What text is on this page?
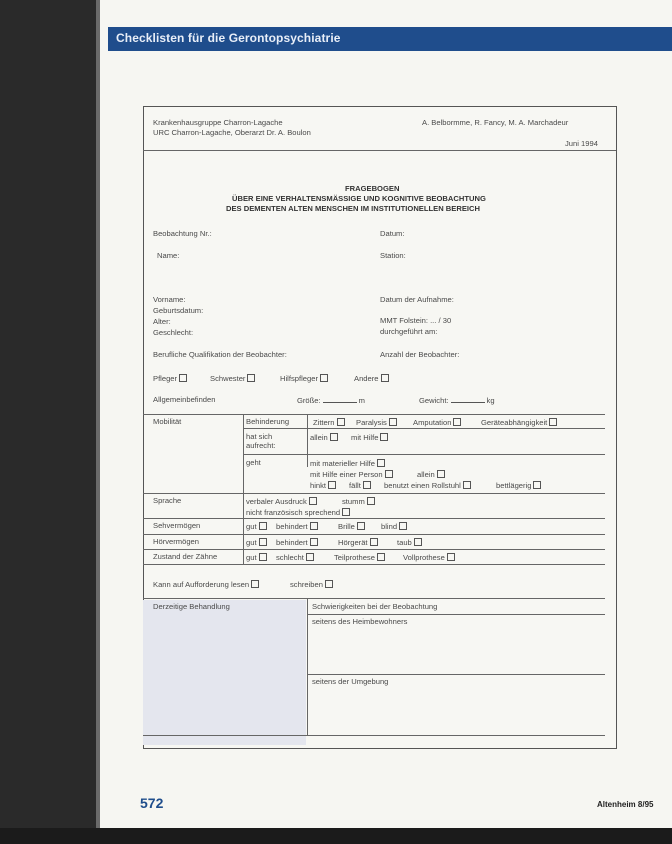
Checklisten für die Gerontopsychiatrie
Krankenhausgruppe Charron-Lagache
URC Charron-Lagache, Oberarzt Dr. A. Boulon
A. Belbormme, R. Fancy, M. A. Marchadeur
Juni 1994
FRAGEBOGEN
ÜBER EINE VERHALTENSMÄSSIGE UND KOGNITIVE BEOBACHTUNG
DES DEMENTEN ALTEN MENSCHEN IM INSTITUTIONELLEN BEREICH
Beobachtung Nr.:	Datum:
Name:	Station:
Vorname:	Datum der Aufnahme:
Geburtsdatum:
Alter:	MMT Folstein: ... / 30
Geschlecht:	durchgeführt am:
Berufliche Qualifikation der Beobachter:	Anzahl der Beobachter:
Pfleger	Schwester	Hilfspfleger	Andere
Allgemeinbefinden	Größe:	m	Gewicht:	kg
Mobilität	Behinderung	Zittern	Paralysis	Amputation	Geräteabhängigkeit
hat sich aufrecht:
allein	mit Hilfe
geht	mit materieller Hilfe
mit Hilfe einer Person	allein
hinkt	fällt	benutzt einen Rollstuhl	bettlägerig
Sprache	verbaler Ausdruck	stumm
nicht französisch sprechend
Sehvermögen	gut	behindert	Brille	blind
Hörvermögen	gut	behindert	Hörgerät	taub
Zustand der Zähne	gut	schlecht	Teilprothese	Vollprothese
Kann auf Aufforderung lesen	schreiben
Derzeitige Behandlung	Schwierigkeiten bei der Beobachtung
seitens des Heimbewohners
seitens der Umgebung
572	Altenheim 8/95
